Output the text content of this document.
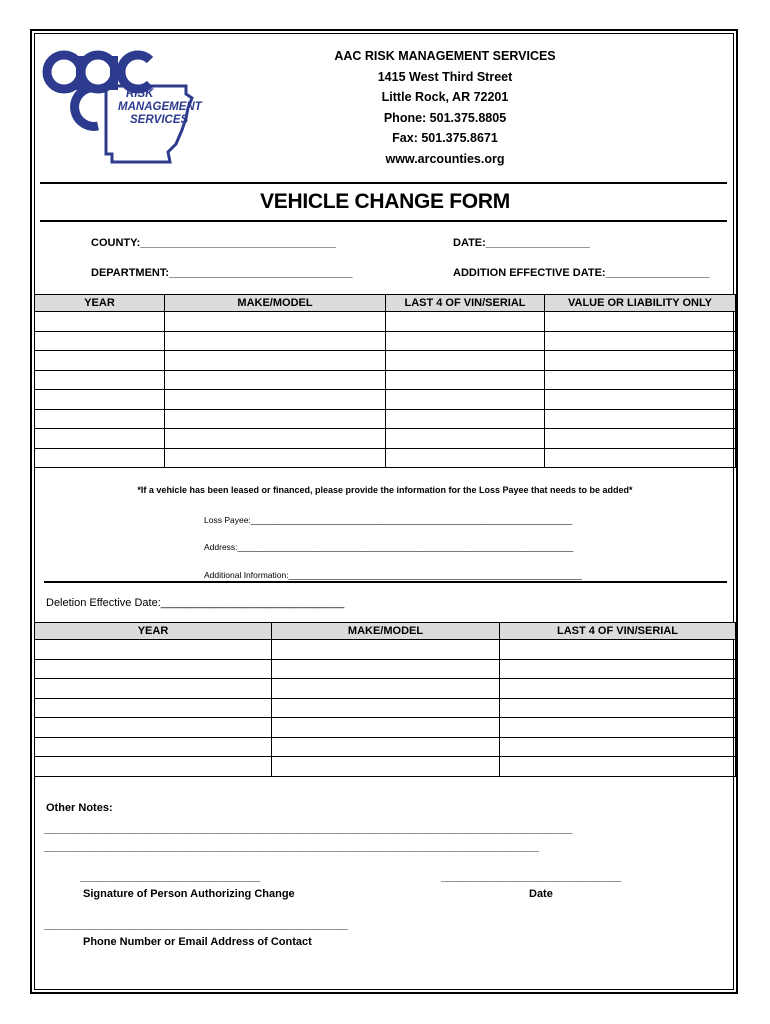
RISK
MANAGEMENT
SERVICES
AAC RISK MANAGEMENT SERVICES
1415 West Third Street
Little Rock, AR 72201
Phone: 501.375.8805
Fax: 501.375.8671
www.arcounties.org
VEHICLE CHANGE FORM
COUNTY:________________________________	DATE:_________________
DEPARTMENT:______________________________	ADDITION EFFECTIVE DATE:_________________
YEAR	MAKE/MODEL	LAST 4 OF VIN/SERIAL	VALUE OR LIABILITY ONLY

*If a vehicle has been leased or financed, please provide the information for the Loss Payee that needs to be added*
Loss Payee:____________________________________________________________________
Address:_______________________________________________________________________
Additional Information:______________________________________________________________
Deletion Effective Date:______________________________
YEAR	MAKE/MODEL	LAST 4 OF VIN/SERIAL

Other Notes:
______________________________________________________________________________________________
________________________________________________________________________________________
________________________________
Signature of Person Authorizing Change
________________________________
Date
______________________________________________________
Phone Number or Email Address of Contact
